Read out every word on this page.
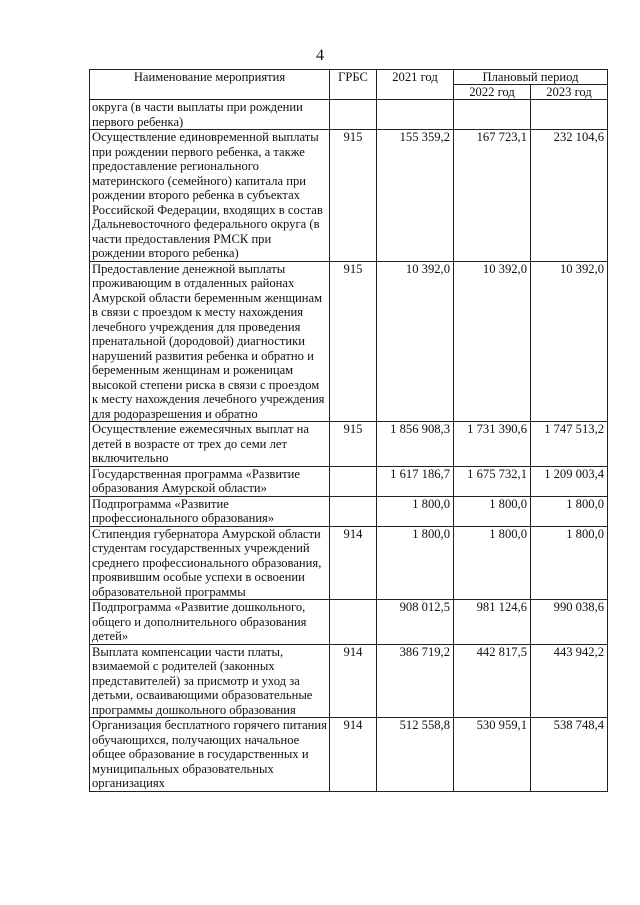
4
Наименование мероприятия	ГРБС	2021 год	Плановый период	
			2022 год	2023 год
округа (в части выплаты при рождении первого ребенка)				
Осуществление единовременной выплаты при рождении первого ребенка, а также предоставление регионального материнского (семейного) капитала при рождении второго ребенка в субъектах Российской Федерации, входящих в состав Дальневосточного федерального округа (в части предоставления РМСК при рождении второго ребенка)	915	155 359,2	167 723,1	232 104,6
Предоставление денежной выплаты проживающим в отдаленных районах Амурской области беременным женщинам в связи с проездом к месту нахождения лечебного учреждения для проведения пренатальной (дородовой) диагностики нарушений развития ребенка и обратно и беременным женщинам и роженицам высокой степени риска в связи с проездом к месту нахождения лечебного учреждения для родоразрешения и обратно	915	10 392,0	10 392,0	10 392,0
Осуществление ежемесячных выплат на детей в возрасте от трех до семи лет включительно	915	1 856 908,3	1 731 390,6	1 747 513,2
Государственная программа «Развитие образования Амурской области»		1 617 186,7	1 675 732,1	1 209 003,4
Подпрограмма «Развитие профессионального образования»		1 800,0	1 800,0	1 800,0
Стипендия губернатора Амурской области студентам государственных учреждений среднего профессионального образования, проявившим особые успехи в освоении образовательной программы	914	1 800,0	1 800,0	1 800,0
Подпрограмма «Развитие дошкольного, общего и дополнительного образования детей»		908 012,5	981 124,6	990 038,6
Выплата компенсации части платы, взимаемой с родителей (законных представителей) за присмотр и уход за детьми, осваивающими образовательные программы дошкольного образования	914	386 719,2	442 817,5	443 942,2
Организация бесплатного горячего питания обучающихся, получающих начальное общее образование в государственных и муниципальных образовательных организациях	914	512 558,8	530 959,1	538 748,4
